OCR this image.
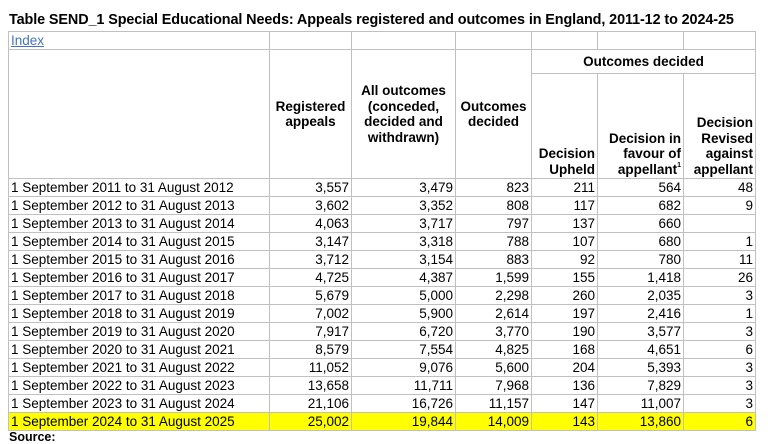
Table SEND_1 Special Educational Needs: Appeals registered and outcomes in England, 2011-12 to 2024-25
Index						
	Registered appeals	All outcomes (conceded, decided and withdrawn)	Outcomes decided	Outcomes decided		
				Decision Upheld	Decision in favour of appellant$^1$	Decision Revised against appellant
1 September 2011 to 31 August 2012	3,557	3,479	823	211	564	48
1 September 2012 to 31 August 2013	3,602	3,352	808	117	682	9
1 September 2013 to 31 August 2014	4,063	3,717	797	137	660	
1 September 2014 to 31 August 2015	3,147	3,318	788	107	680	1
1 September 2015 to 31 August 2016	3,712	3,154	883	92	780	11
1 September 2016 to 31 August 2017	4,725	4,387	1,599	155	1,418	26
1 September 2017 to 31 August 2018	5,679	5,000	2,298	260	2,035	3
1 September 2018 to 31 August 2019	7,002	5,900	2,614	197	2,416	1
1 September 2019 to 31 August 2020	7,917	6,720	3,770	190	3,577	3
1 September 2020 to 31 August 2021	8,579	7,554	4,825	168	4,651	6
1 September 2021 to 31 August 2022	11,052	9,076	5,600	204	5,393	3
1 September 2022 to 31 August 2023	13,658	11,711	7,968	136	7,829	3
1 September 2023 to 31 August 2024	21,106	16,726	11,157	147	11,007	3
1 September 2024 to 31 August 2025	25,002	19,844	14,009	143	13,860	6
Source:
